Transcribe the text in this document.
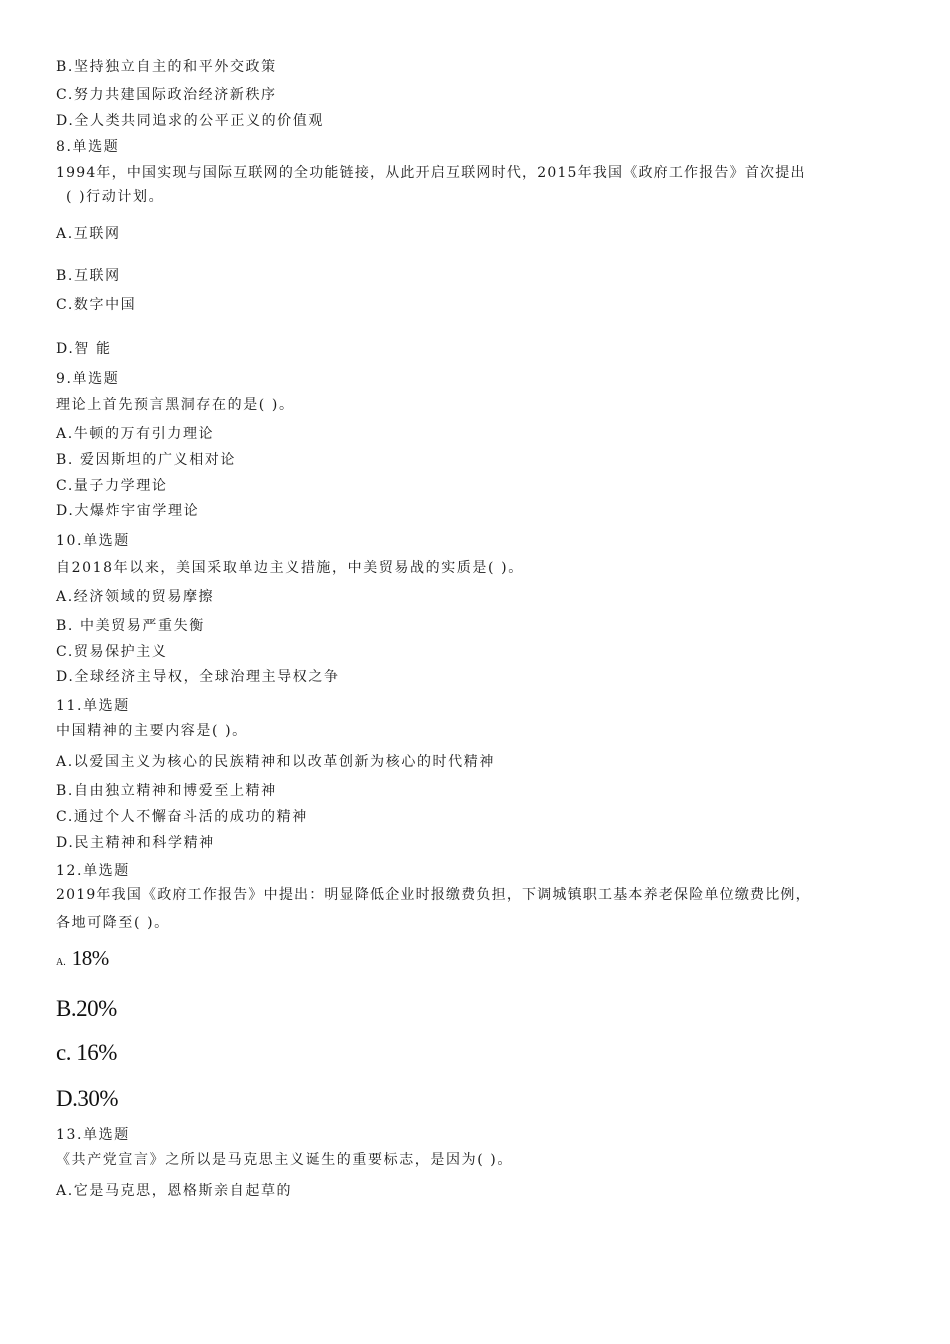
B.坚持独立自主的和平外交政策
C.努力共建国际政治经济新秩序
D.全人类共同追求的公平正义的价值观
8.单选题
1994年，中国实现与国际互联网的全功能链接，从此开启互联网时代，2015年我国《政府工作报告》首次提出
( )行动计划。
A.互联网
B.互联网
C.数字中国
D.智 能
9.单选题
理论上首先预言黑洞存在的是( )。
A.牛顿的万有引力理论
B. 爱因斯坦的广义相对论
C.量子力学理论
D.大爆炸宇宙学理论
10.单选题
自2018年以来，美国采取单边主义措施，中美贸易战的实质是( )。
A.经济领域的贸易摩擦
B. 中美贸易严重失衡
C.贸易保护主义
D.全球经济主导权，全球治理主导权之争
11.单选题
中国精神的主要内容是( )。
A.以爱国主义为核心的民族精神和以改革创新为核心的时代精神
B.自由独立精神和博爱至上精神
C.通过个人不懈奋斗活的成功的精神
D.民主精神和科学精神
12.单选题
2019年我国《政府工作报告》中提出：明显降低企业时报缴费负担，下调城镇职工基本养老保险单位缴费比例，
各地可降至( )。
A. 18%
B.20%
c. 16%
D.30%
13.单选题
《共产党宣言》之所以是马克思主义诞生的重要标志，是因为( )。
A.它是马克思，恩格斯亲自起草的
